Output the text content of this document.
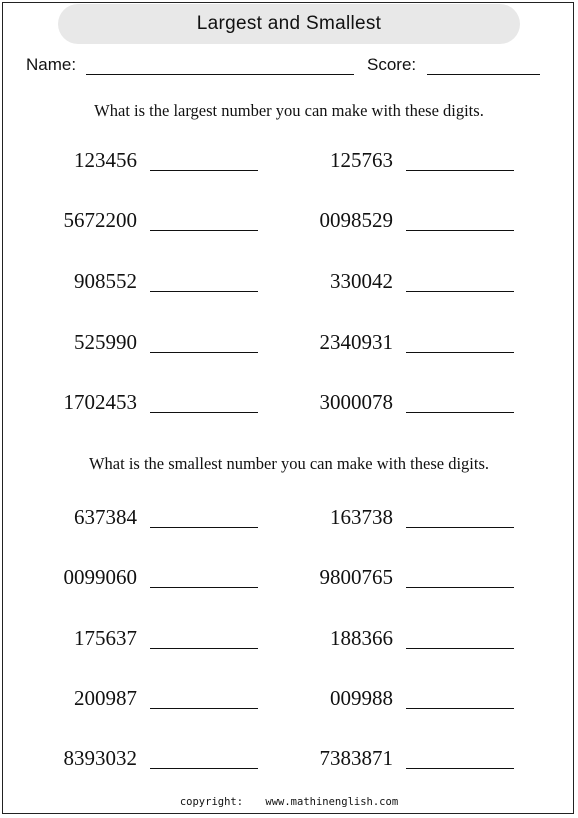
Largest and Smallest
Name:	Score:
What is the largest number you can make with these digits.
123456	125763
5672200	0098529
908552	330042
525990	2340931
1702453	3000078
What is the smallest number you can make with these digits.
637384	163738
0099060	9800765
175637	188366
200987	009988
8393032	7383871
copyright: www.mathinenglish.com
